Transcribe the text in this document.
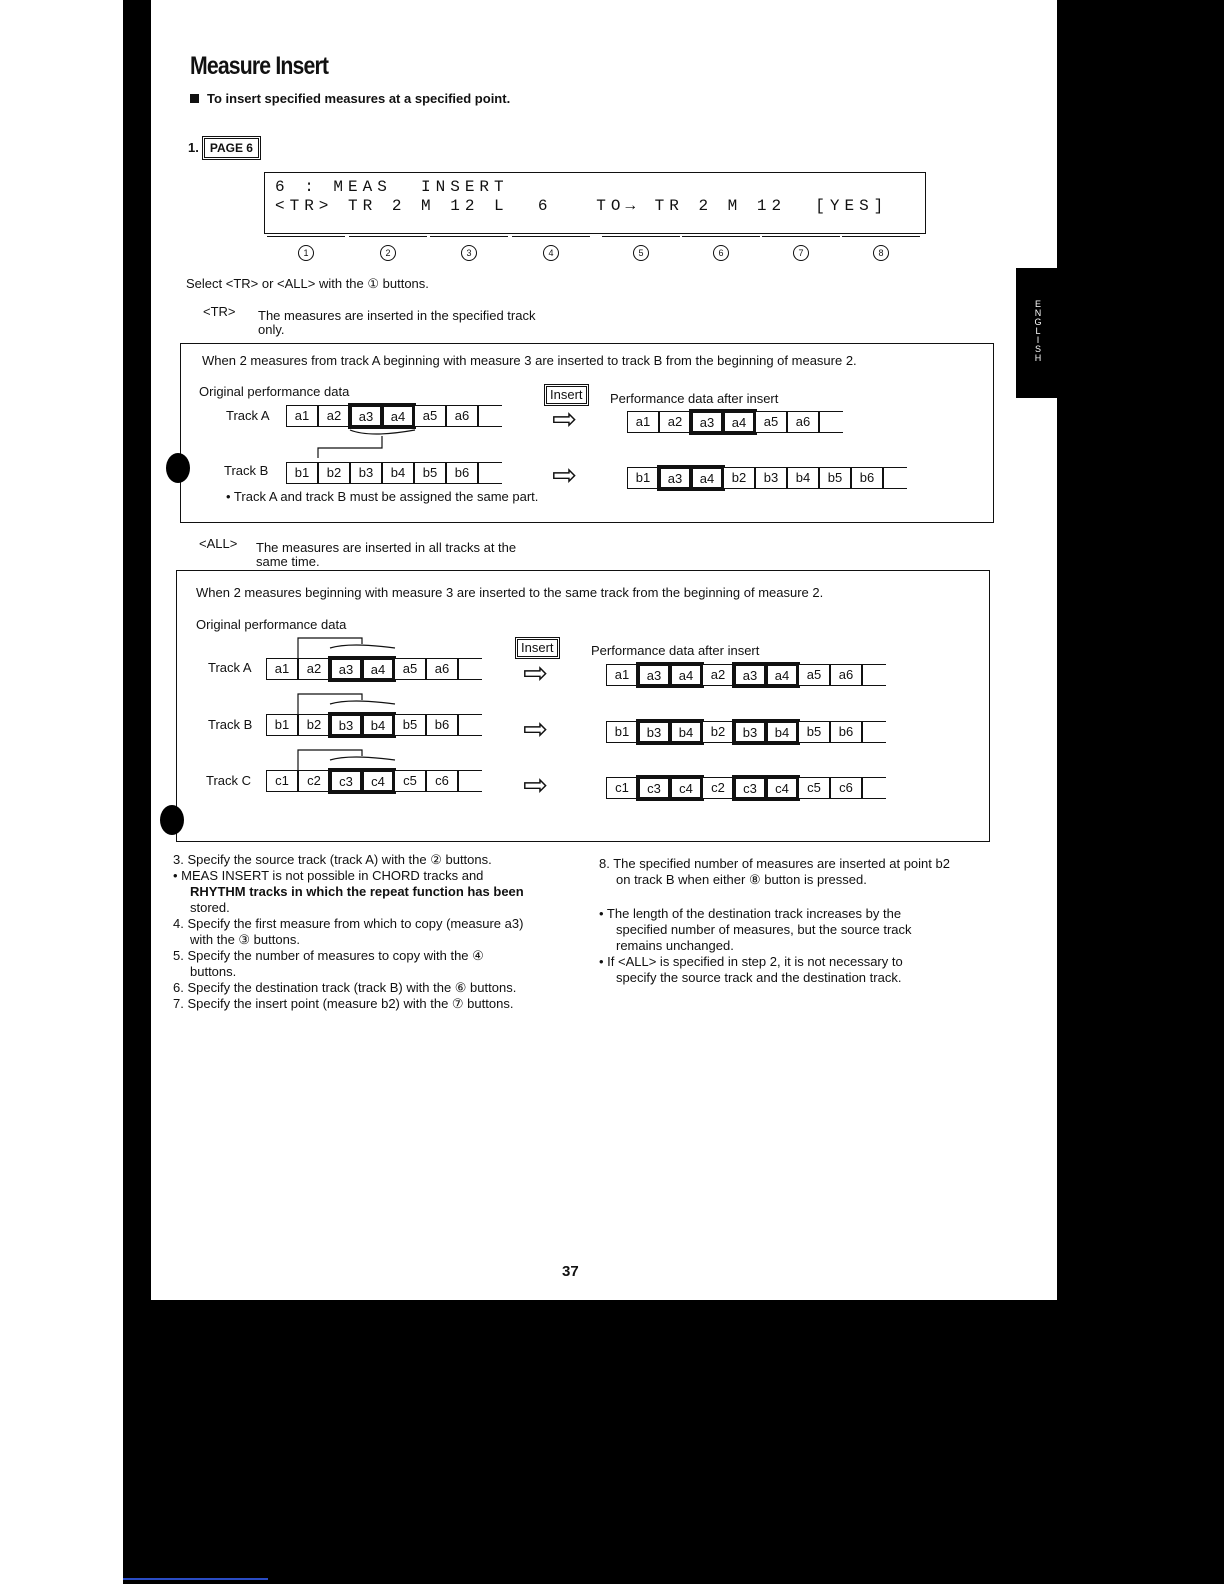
E
N
G
L
I
S
H
Measure Insert
To insert specified measures at a specified point.
1. PAGE 6
6 : MEAS  INSERT
<TR> TR 2 M 12 L  6   TO→ TR 2 M 12  [YES]
1	2	3	4	5	6	7	8
Select <TR> or <ALL> with the ① buttons.
<TR> The measures are inserted in the specified track
only.
When 2 measures from track A beginning with measure 3 are inserted to track B from the beginning of measure 2.
Original performance data	Insert	Performance data after insert
Track A
Track B
a1	a2	a3	a4	a5	a6	a1	a2	a3	a4	a5	a6
b1	b2	b3	b4	b5	b6	b1	a3	a4	b2	b3	b4	b5	b6
⇨
⇨
• Track A and track B must be assigned the same part.
<ALL> The measures are inserted in all tracks at the
same time.
When 2 measures beginning with measure 3 are inserted to the same track from the beginning of measure 2.
Original performance data
Insert	Performance data after insert
Track A
Track B
Track C
a1	a2	a3	a4	a5	a6	a1	a3	a4	a2	a3	a4	a5	a6
b1	b2	b3	b4	b5	b6	b1	b3	b4	b2	b3	b4	b5	b6
c1	c2	c3	c4	c5	c6	c1	c3	c4	c2	c3	c4	c5	c6
⇨
⇨
⇨
3. Specify the source track (track A) with the ② buttons.
• MEAS INSERT is not possible in CHORD tracks and
RHYTHM tracks in which the repeat function has been
stored.
4. Specify the first measure from which to copy (measure a3)
with the ③ buttons.
5. Specify the number of measures to copy with the ④
buttons.
6. Specify the destination track (track B) with the ⑥ buttons.
7. Specify the insert point (measure b2) with the ⑦ buttons.
8. The specified number of measures are inserted at point b2
on track B when either ⑧ button is pressed.
• The length of the destination track increases by the
specified number of measures, but the source track
remains unchanged.
• If <ALL> is specified in step 2, it is not necessary to
specify the source track and the destination track.
37
